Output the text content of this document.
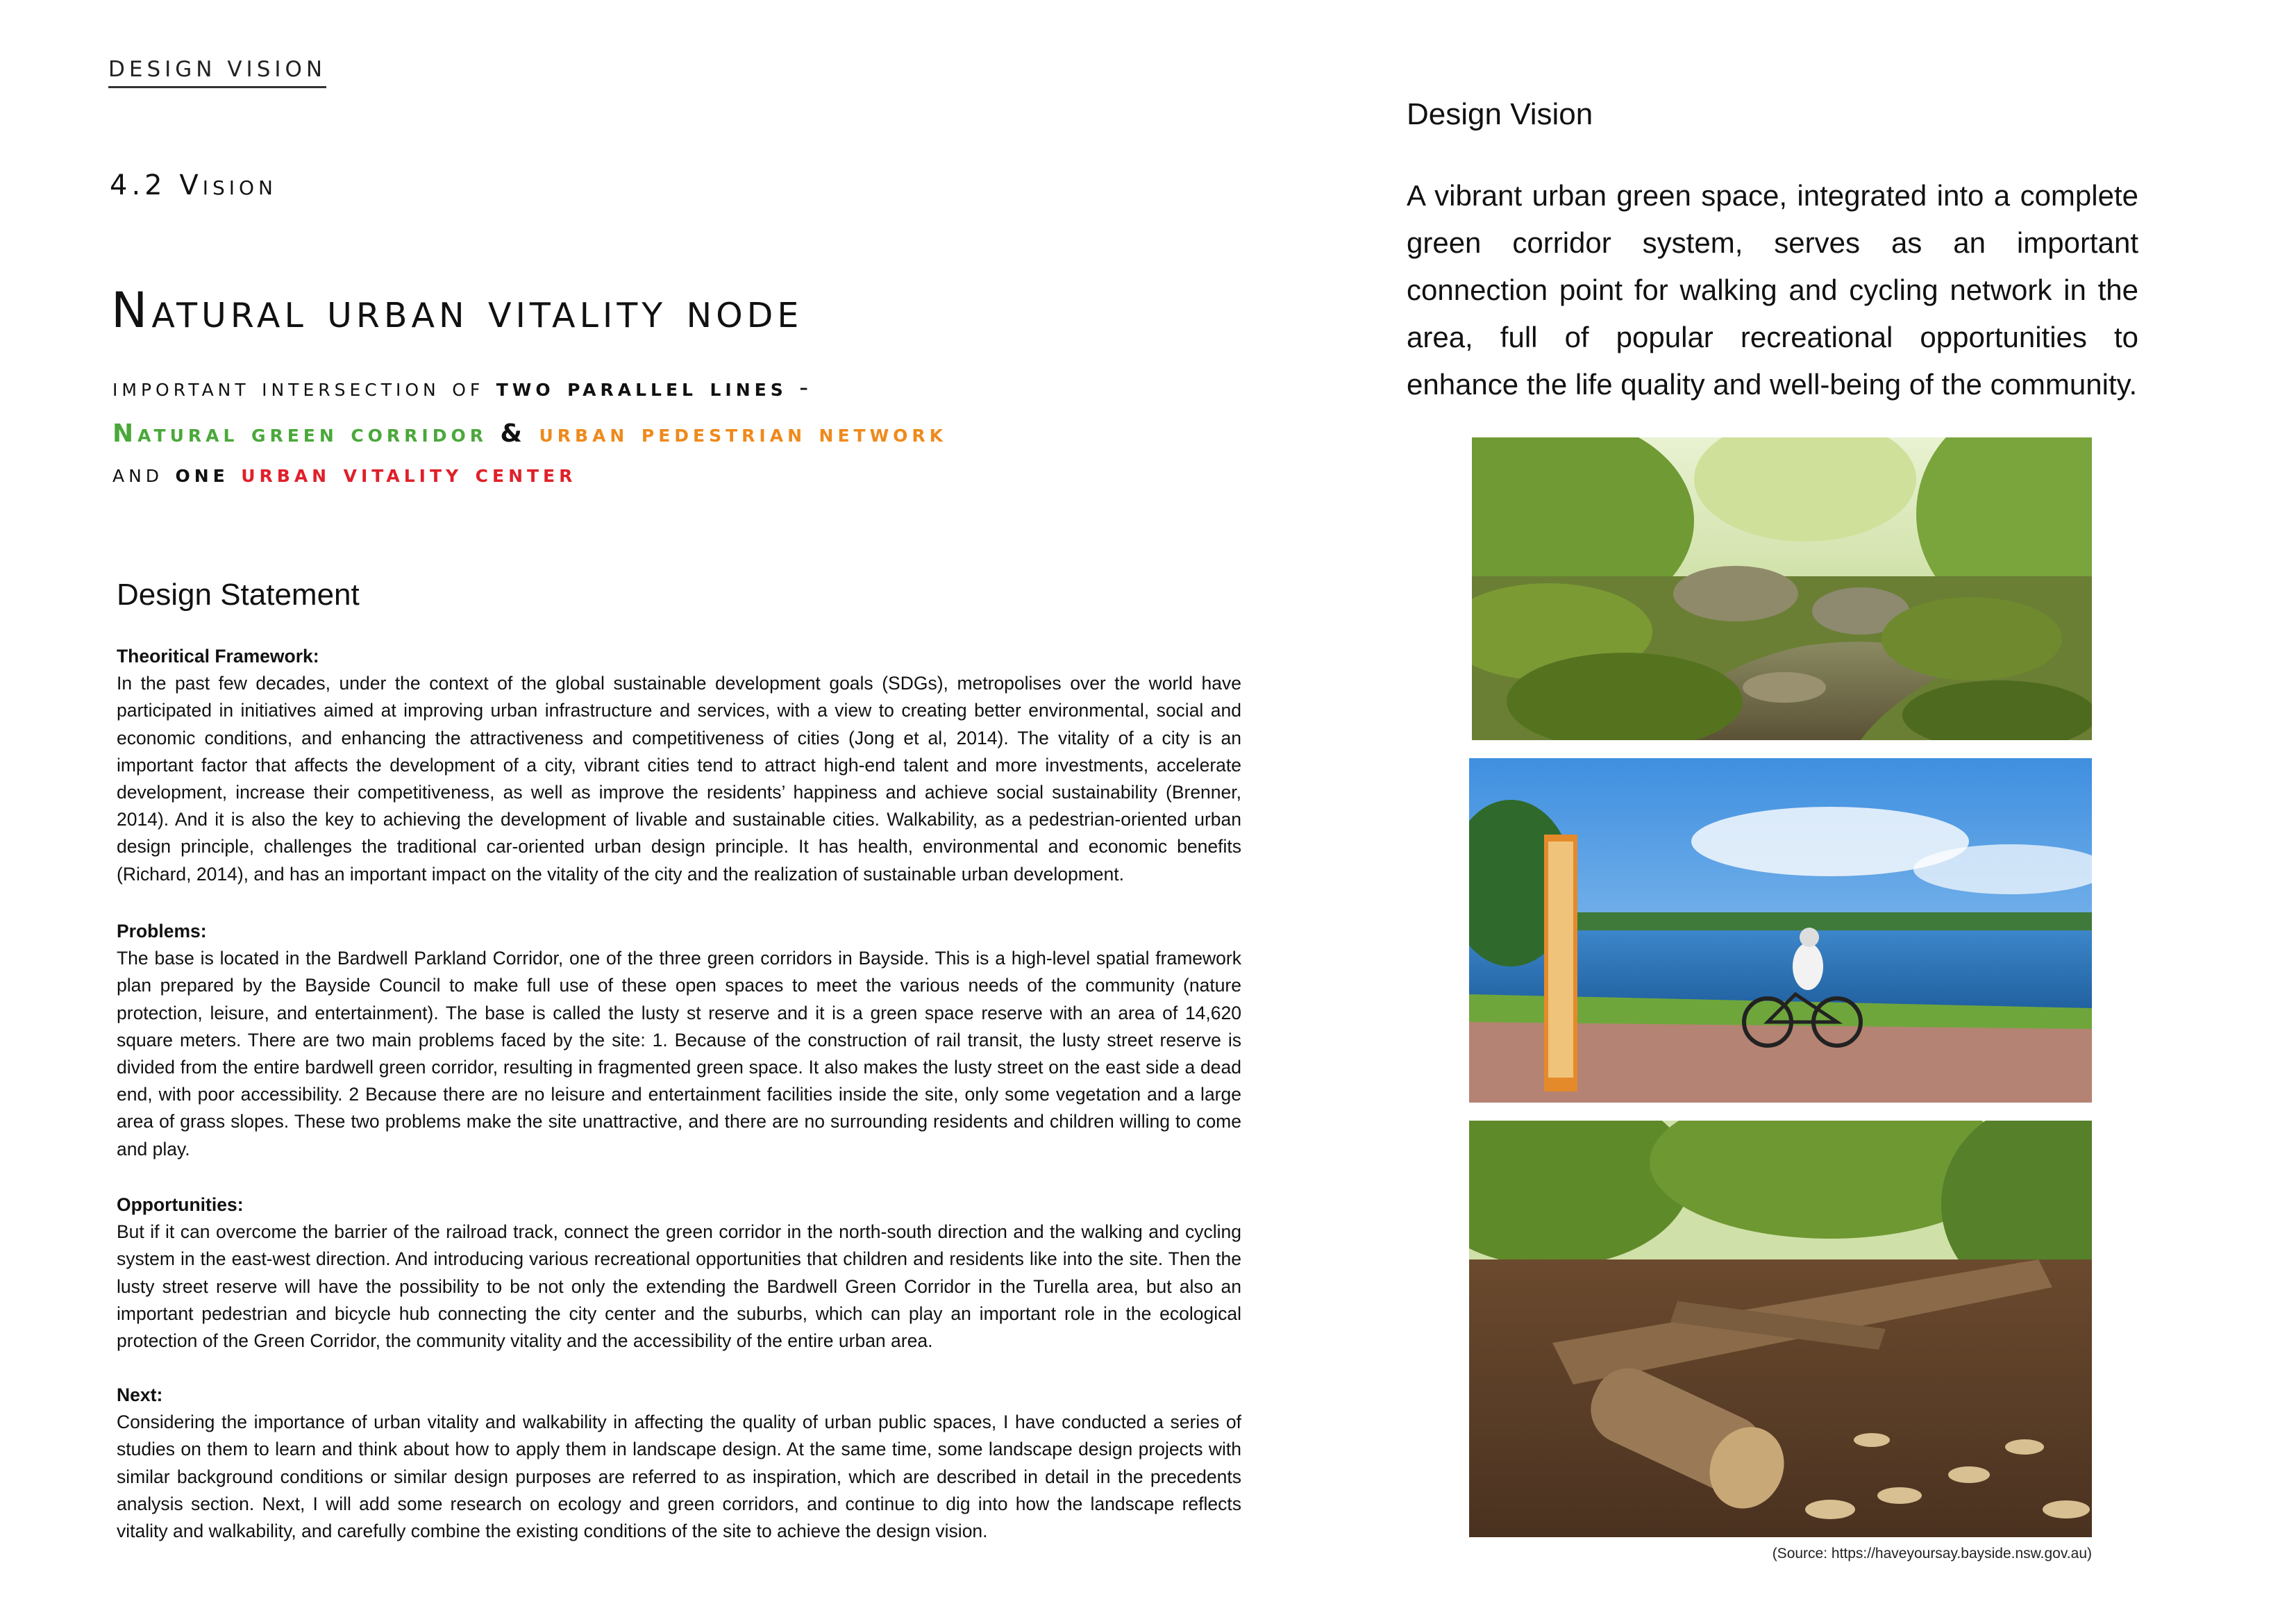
DESIGN VISION
4.2 Vision
Natural urban vitality node
important intersection of two parallel lines -
Natural green corridor & urban pedestrian network
and one urban vitality center
Design Statement
Theoritical Framework:
In the past few decades, under the context of the global sustainable development goals (SDGs), metropolises over the world have participated in initiatives aimed at improving urban infrastructure and services, with a view to creating better environmental, social and economic conditions, and enhancing the attractiveness and competitiveness of cities (Jong et al, 2014). The vitality of a city is an important factor that affects the development of a city, vibrant cities tend to attract high-end talent and more investments, accelerate development, increase their competitiveness, as well as improve the residents’ happiness and achieve social sustainability (Brenner, 2014). And it is also the key to achieving the development of livable and sustainable cities. Walkability, as a pedestrian-oriented urban design principle, challenges the traditional car-oriented urban design principle. It has health, environmental and economic benefits (Richard, 2014), and has an important impact on the vitality of the city and the realization of sustainable urban development.
Problems:
The base is located in the Bardwell Parkland Corridor, one of the three green corridors in Bayside. This is a high-level spatial framework plan prepared by the Bayside Council to make full use of these open spaces to meet the various needs of the community (nature protection, leisure, and entertainment). The base is called the lusty st reserve and it is a green space reserve with an area of 14,620 square meters. There are two main problems faced by the site: 1. Because of the construction of rail transit, the lusty street reserve is divided from the entire bardwell green corridor, resulting in fragmented green space. It also makes the lusty street on the east side a dead end, with poor accessibility. 2 Because there are no leisure and entertainment facilities inside the site, only some vegetation and a large area of grass slopes. These two problems make the site unattractive, and there are no surrounding residents and children willing to come and play.
Opportunities:
But if it can overcome the barrier of the railroad track, connect the green corridor in the north-south direction and the walking and cycling system in the east-west direction. And introducing various recreational opportunities that children and residents like into the site. Then the lusty street reserve will have the possibility to be not only the extending the Bardwell Green Corridor in the Turella area, but also an important pedestrian and bicycle hub connecting the city center and the suburbs, which can play an important role in the ecological protection of the Green Corridor, the community vitality and the accessibility of the entire urban area.
Next:
Considering the importance of urban vitality and walkability in affecting the quality of urban public spaces, I have conducted a series of studies on them to learn and think about how to apply them in landscape design. At the same time, some landscape design projects with similar background conditions or similar design purposes are referred to as inspiration, which are described in detail in the precedents analysis section. Next, I will add some research on ecology and green corridors, and continue to dig into how the landscape reflects vitality and walkability, and carefully combine the existing conditions of the site to achieve the design vision.
Design Vision
A vibrant urban green space, integrated into a complete green corridor system, serves as an important connection point for walking and cycling network in the area, full of popular recreational opportunities to enhance the life quality and well-being of the community.
(Source: https://haveyoursay.bayside.nsw.gov.au)
